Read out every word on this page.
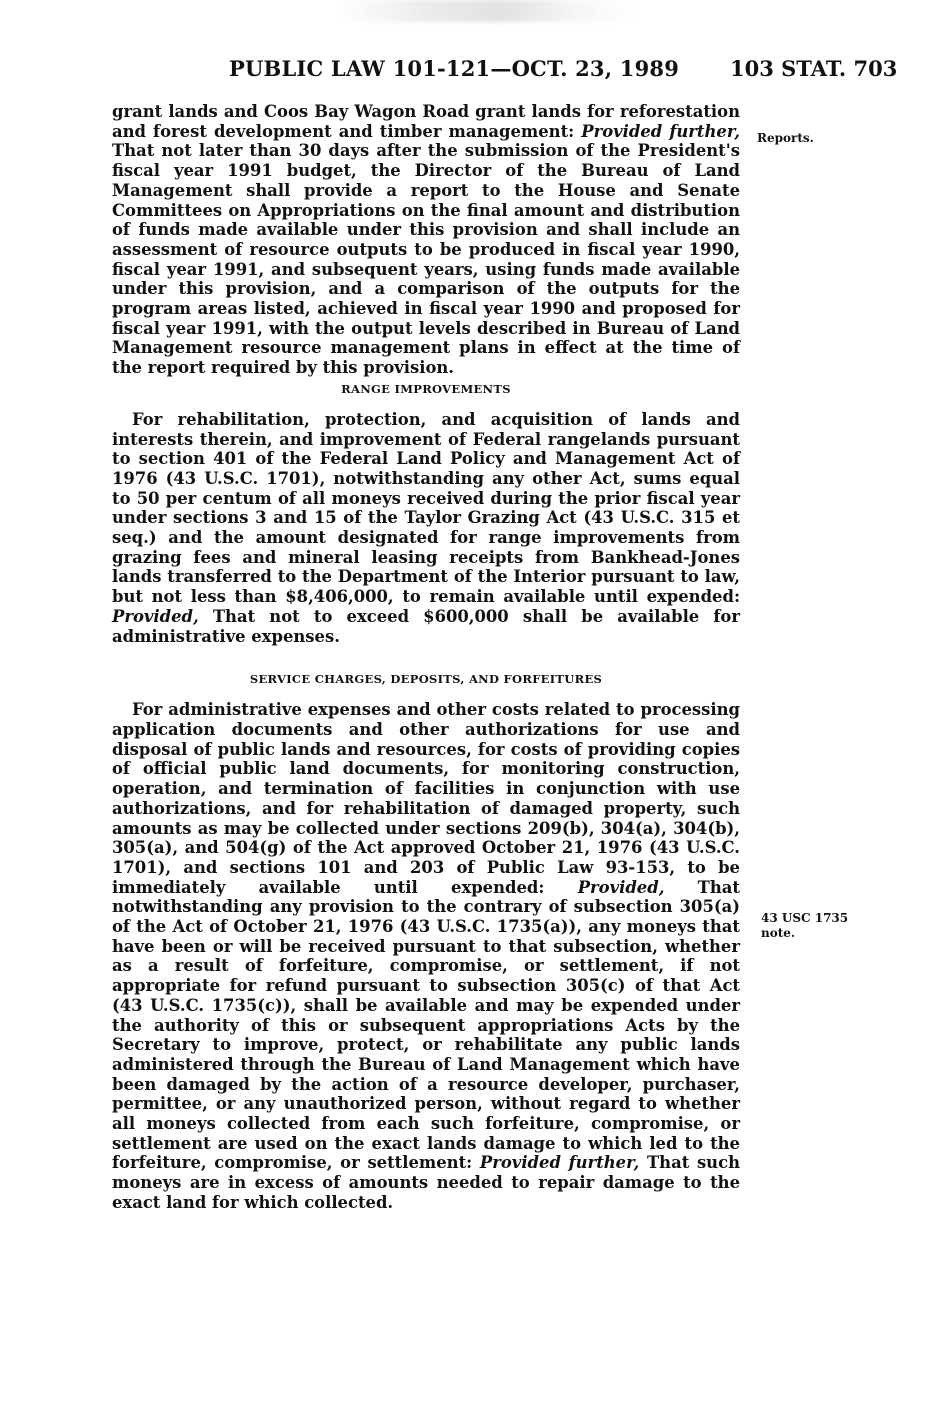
PUBLIC LAW 101-121—OCT. 23, 1989 103 STAT. 703
Reports.
43 USC 1735
note.

grant lands and Coos Bay Wagon Road grant lands for reforestation and forest development and timber management: Provided further, That not later than 30 days after the submission of the President's fiscal year 1991 budget, the Director of the Bureau of Land Management shall provide a report to the House and Senate Committees on Appropriations on the final amount and distribution of funds made available under this provision and shall include an assessment of resource outputs to be produced in fiscal year 1990, fiscal year 1991, and subsequent years, using funds made available under this provision, and a comparison of the outputs for the program areas listed, achieved in fiscal year 1990 and proposed for fiscal year 1991, with the output levels described in Bureau of Land Management resource management plans in effect at the time of the report required by this provision.

RANGE IMPROVEMENTS

For rehabilitation, protection, and acquisition of lands and interests therein, and improvement of Federal rangelands pursuant to section 401 of the Federal Land Policy and Management Act of 1976 (43 U.S.C. 1701), notwithstanding any other Act, sums equal to 50 per centum of all moneys received during the prior fiscal year under sections 3 and 15 of the Taylor Grazing Act (43 U.S.C. 315 et seq.) and the amount designated for range improvements from grazing fees and mineral leasing receipts from Bankhead-Jones lands transferred to the Department of the Interior pursuant to law, but not less than $8,406,000, to remain available until expended: Provided, That not to exceed $600,000 shall be available for administrative expenses.

SERVICE CHARGES, DEPOSITS, AND FORFEITURES

For administrative expenses and other costs related to processing application documents and other authorizations for use and disposal of public lands and resources, for costs of providing copies of official public land documents, for monitoring construction, operation, and termination of facilities in conjunction with use authorizations, and for rehabilitation of damaged property, such amounts as may be collected under sections 209(b), 304(a), 304(b), 305(a), and 504(g) of the Act approved October 21, 1976 (43 U.S.C. 1701), and sections 101 and 203 of Public Law 93-153, to be immediately available until expended: Provided, That notwithstanding any provision to the contrary of subsection 305(a) of the Act of October 21, 1976 (43 U.S.C. 1735(a)), any moneys that have been or will be received pursuant to that subsection, whether as a result of forfeiture, compromise, or settlement, if not appropriate for refund pursuant to subsection 305(c) of that Act (43 U.S.C. 1735(c)), shall be available and may be expended under the authority of this or subsequent appropriations Acts by the Secretary to improve, protect, or rehabilitate any public lands administered through the Bureau of Land Management which have been damaged by the action of a resource developer, purchaser, permittee, or any unauthorized person, without regard to whether all moneys collected from each such forfeiture, compromise, or settlement are used on the exact lands damage to which led to the forfeiture, compromise, or settlement: Provided further, That such moneys are in excess of amounts needed to repair damage to the exact land for which collected.
